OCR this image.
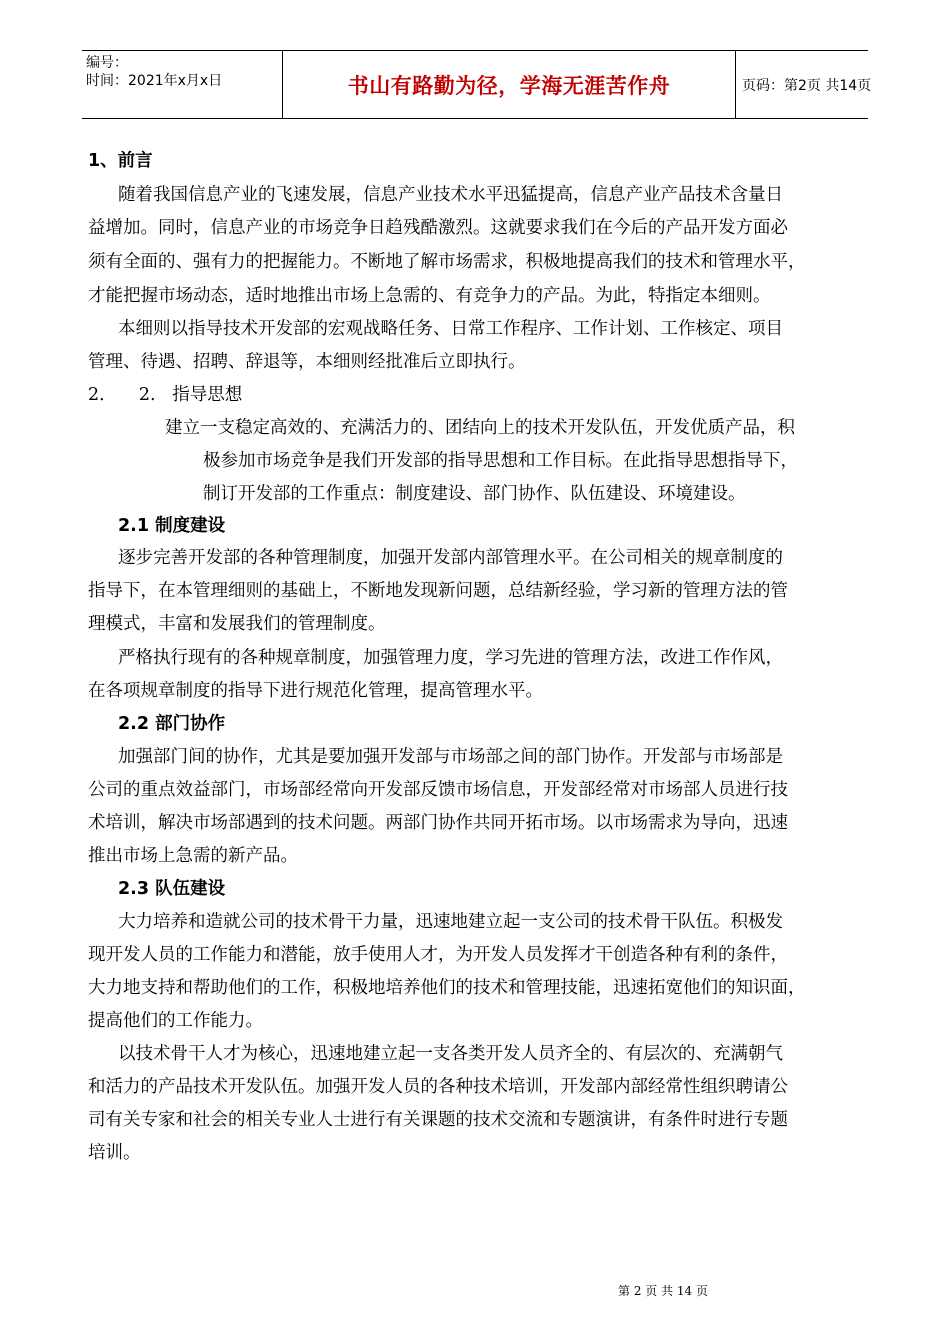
编号：
时间：2021年x月x日	书山有路勤为径，学海无涯苦作舟	页码：第2页 共14页
1、前言
随着我国信息产业的飞速发展，信息产业技术水平迅猛提高，信息产业产品技术含量日
益增加。同时，信息产业的市场竞争日趋残酷激烈。这就要求我们在今后的产品开发方面必
须有全面的、强有力的把握能力。不断地了解市场需求，积极地提高我们的技术和管理水平，
才能把握市场动态，适时地推出市场上急需的、有竞争力的产品。为此，特指定本细则。
本细则以指导技术开发部的宏观战略任务、日常工作程序、工作计划、工作核定、项目
管理、待遇、招聘、辞退等，本细则经批准后立即执行。
2．    2.   指导思想
建立一支稳定高效的、充满活力的、团结向上的技术开发队伍，开发优质产品，积
极参加市场竞争是我们开发部的指导思想和工作目标。在此指导思想指导下，
制订开发部的工作重点：制度建设、部门协作、队伍建设、环境建设。
2.1 制度建设
逐步完善开发部的各种管理制度，加强开发部内部管理水平。在公司相关的规章制度的
指导下，在本管理细则的基础上，不断地发现新问题，总结新经验，学习新的管理方法的管
理模式，丰富和发展我们的管理制度。
严格执行现有的各种规章制度，加强管理力度，学习先进的管理方法，改进工作作风，
在各项规章制度的指导下进行规范化管理，提高管理水平。
2.2 部门协作
加强部门间的协作，尤其是要加强开发部与市场部之间的部门协作。开发部与市场部是
公司的重点效益部门，市场部经常向开发部反馈市场信息，开发部经常对市场部人员进行技
术培训，解决市场部遇到的技术问题。两部门协作共同开拓市场。以市场需求为导向，迅速
推出市场上急需的新产品。
2.3 队伍建设
大力培养和造就公司的技术骨干力量，迅速地建立起一支公司的技术骨干队伍。积极发
现开发人员的工作能力和潜能，放手使用人才，为开发人员发挥才干创造各种有利的条件，
大力地支持和帮助他们的工作，积极地培养他们的技术和管理技能，迅速拓宽他们的知识面，
提高他们的工作能力。
以技术骨干人才为核心，迅速地建立起一支各类开发人员齐全的、有层次的、充满朝气
和活力的产品技术开发队伍。加强开发人员的各种技术培训，开发部内部经常性组织聘请公
司有关专家和社会的相关专业人士进行有关课题的技术交流和专题演讲，有条件时进行专题
培训。
第 2 页 共 14 页
